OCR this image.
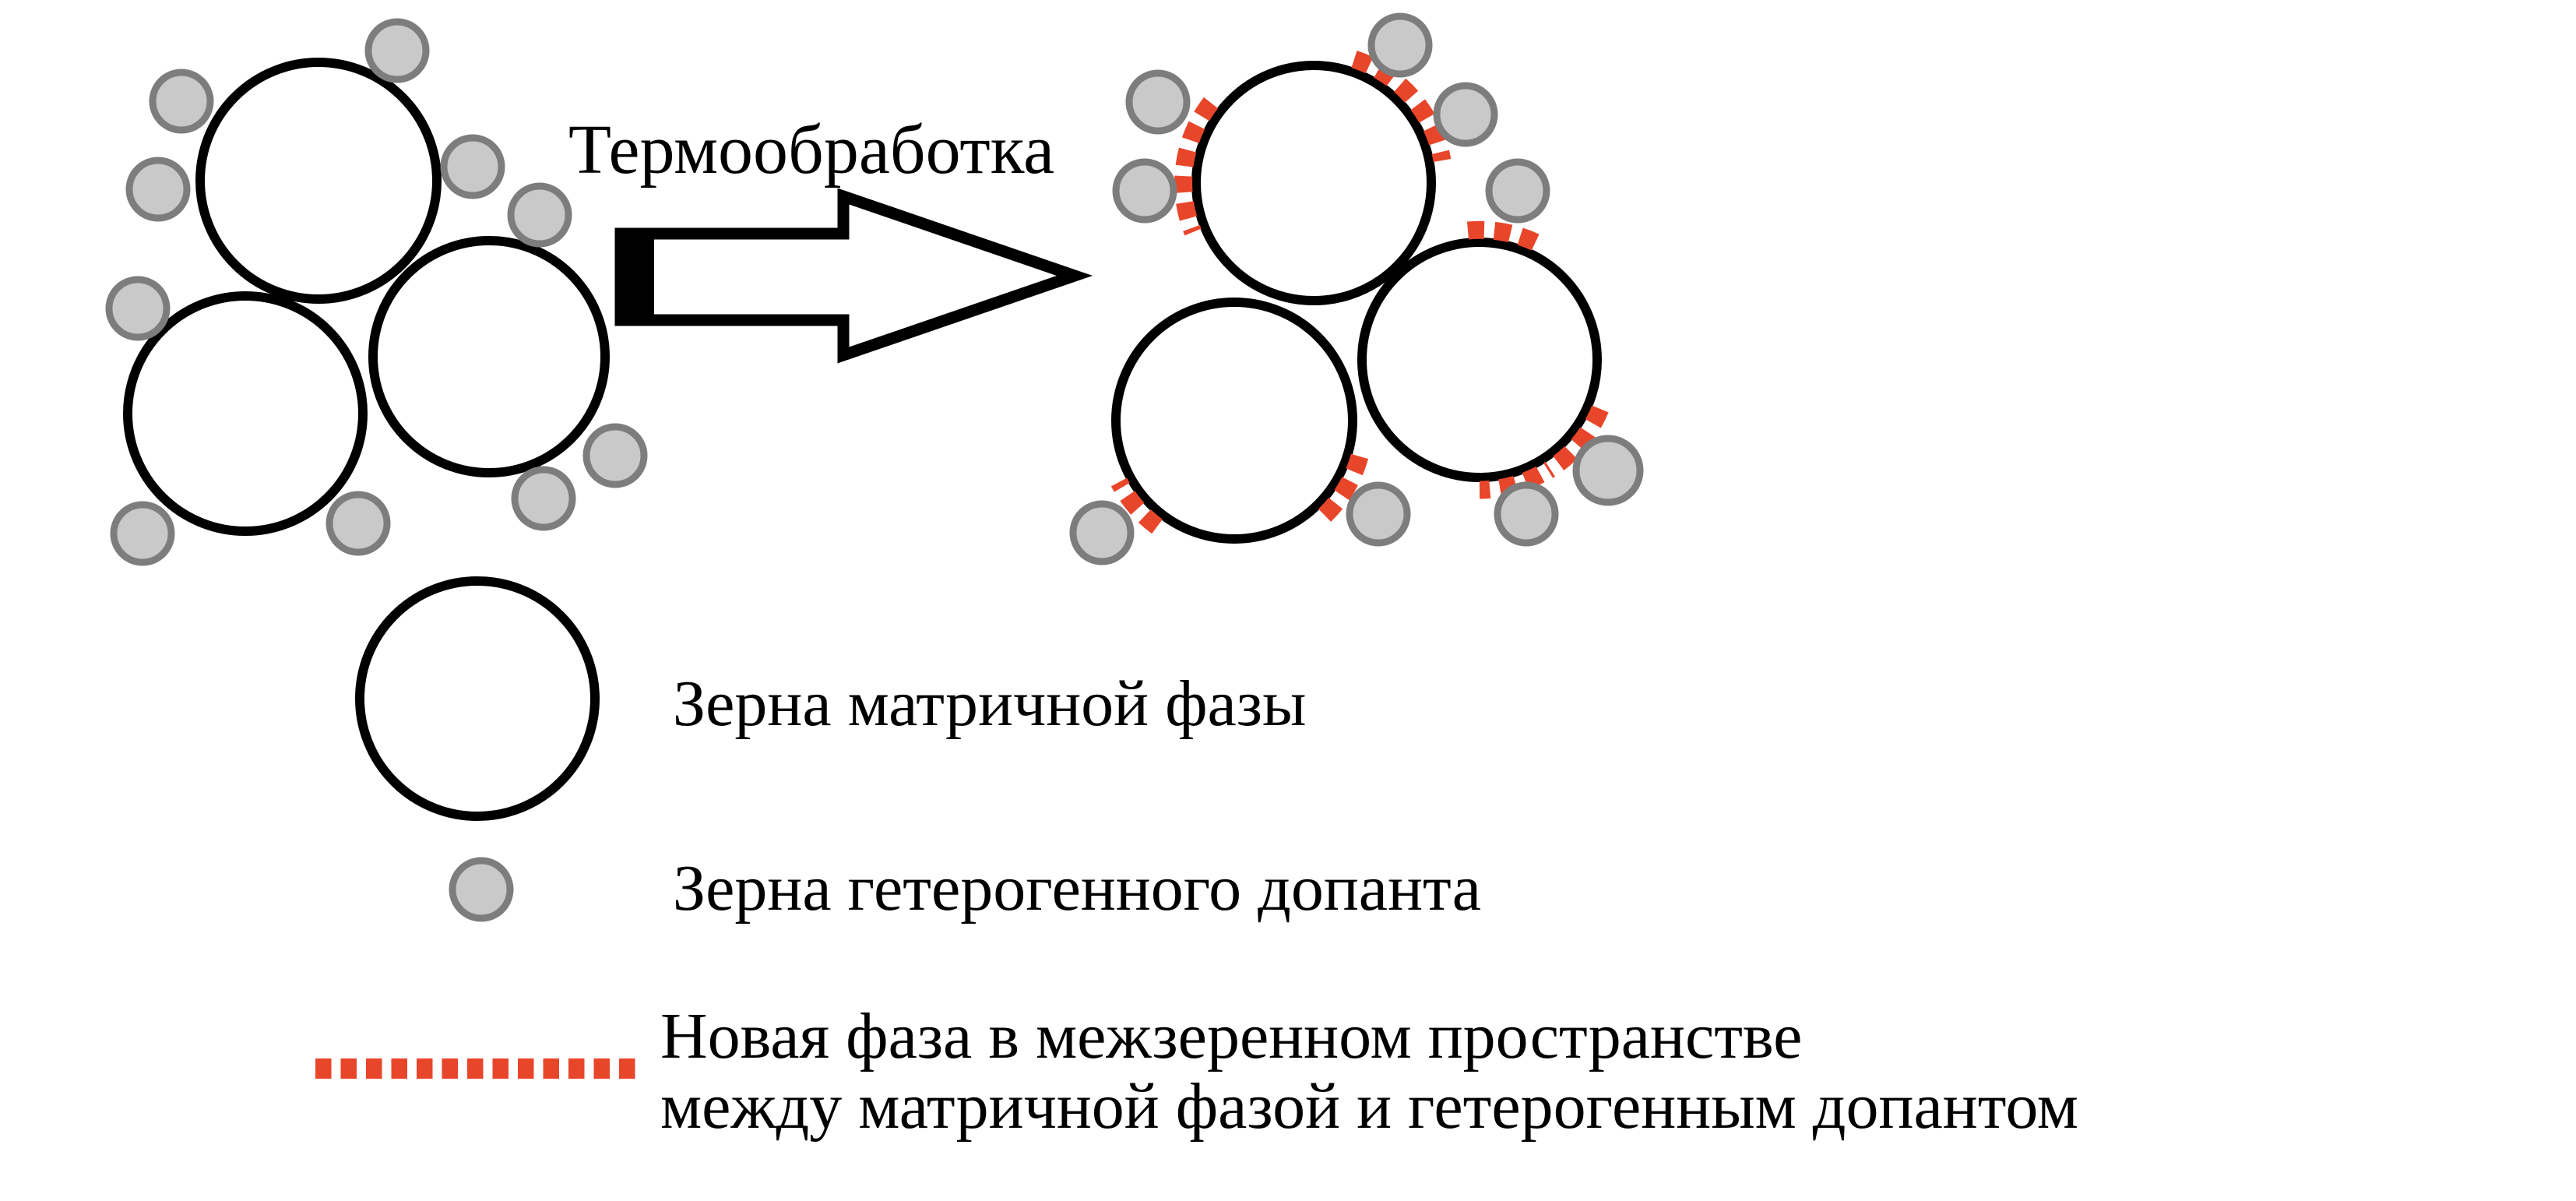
Термообработка
Зерна матричной фазы
Зерна гетерогенного допанта
Новая фаза в межзеренном пространстве
между матричной фазой и гетерогенным допантом
